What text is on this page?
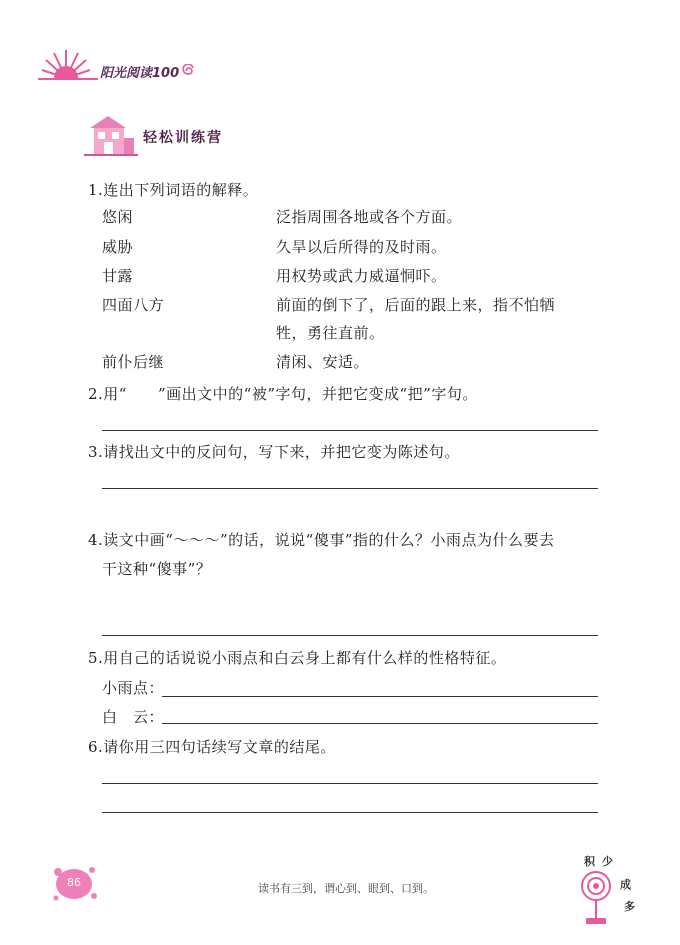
阳光阅读100
轻松训练营
1.连出下列词语的解释。
悠闲
威胁
甘露
四面八方
前仆后继
泛指周围各地或各个方面。
久旱以后所得的及时雨。
用权势或武力威逼恫吓。
前面的倒下了，后面的跟上来，指不怕牺
牲，勇往直前。
清闲、安适。
2.用“　　”画出文中的“被”字句，并把它变成“把”字句。
3.请找出文中的反问句，写下来，并把它变为陈述句。
4.读文中画“～～～”的话，说说“傻事”指的什么？小雨点为什么要去
干这种“傻事”？
5.用自己的话说说小雨点和白云身上都有什么样的性格特征。
小雨点：
白　云：
6.请你用三四句话续写文章的结尾。
86	读书有三到，谓心到、眼到、口到。
积 少
成
多
